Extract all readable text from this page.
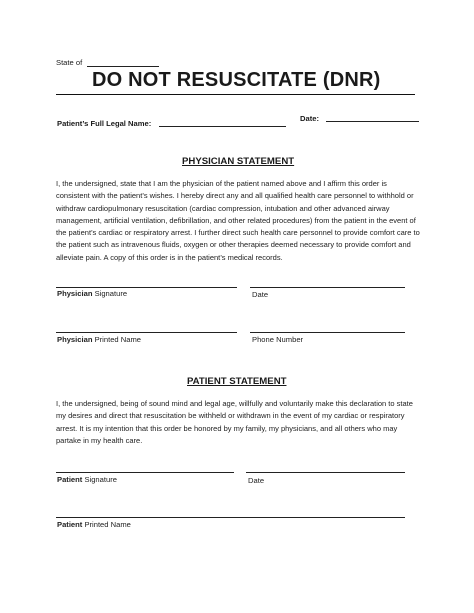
State of
DO NOT RESUSCITATE (DNR)
Patient’s Full Legal Name:
Date:
PHYSICIAN STATEMENT
I, the undersigned, state that I am the physician of the patient named above and I affirm this order is consistent with the patient’s wishes. I hereby direct any and all qualified health care personnel to withhold or withdraw cardiopulmonary resuscitation (cardiac compression, intubation and other advanced airway management, artificial ventilation, defibrillation, and other related procedures) from the patient in the event of the patient’s cardiac or respiratory arrest. I further direct such health care personnel to provide comfort care to the patient such as intravenous fluids, oxygen or other therapies deemed necessary to provide comfort and alleviate pain. A copy of this order is in the patient’s medical records.
Physician Signature	Date
Physician Printed Name	Phone Number
PATIENT STATEMENT
I, the undersigned, being of sound mind and legal age, willfully and voluntarily make this declaration to state my desires and direct that resuscitation be withheld or withdrawn in the event of my cardiac or respiratory arrest. It is my intention that this order be honored by my family, my physicians, and all others who may partake in my health care.
Patient Signature	Date
Patient Printed Name
